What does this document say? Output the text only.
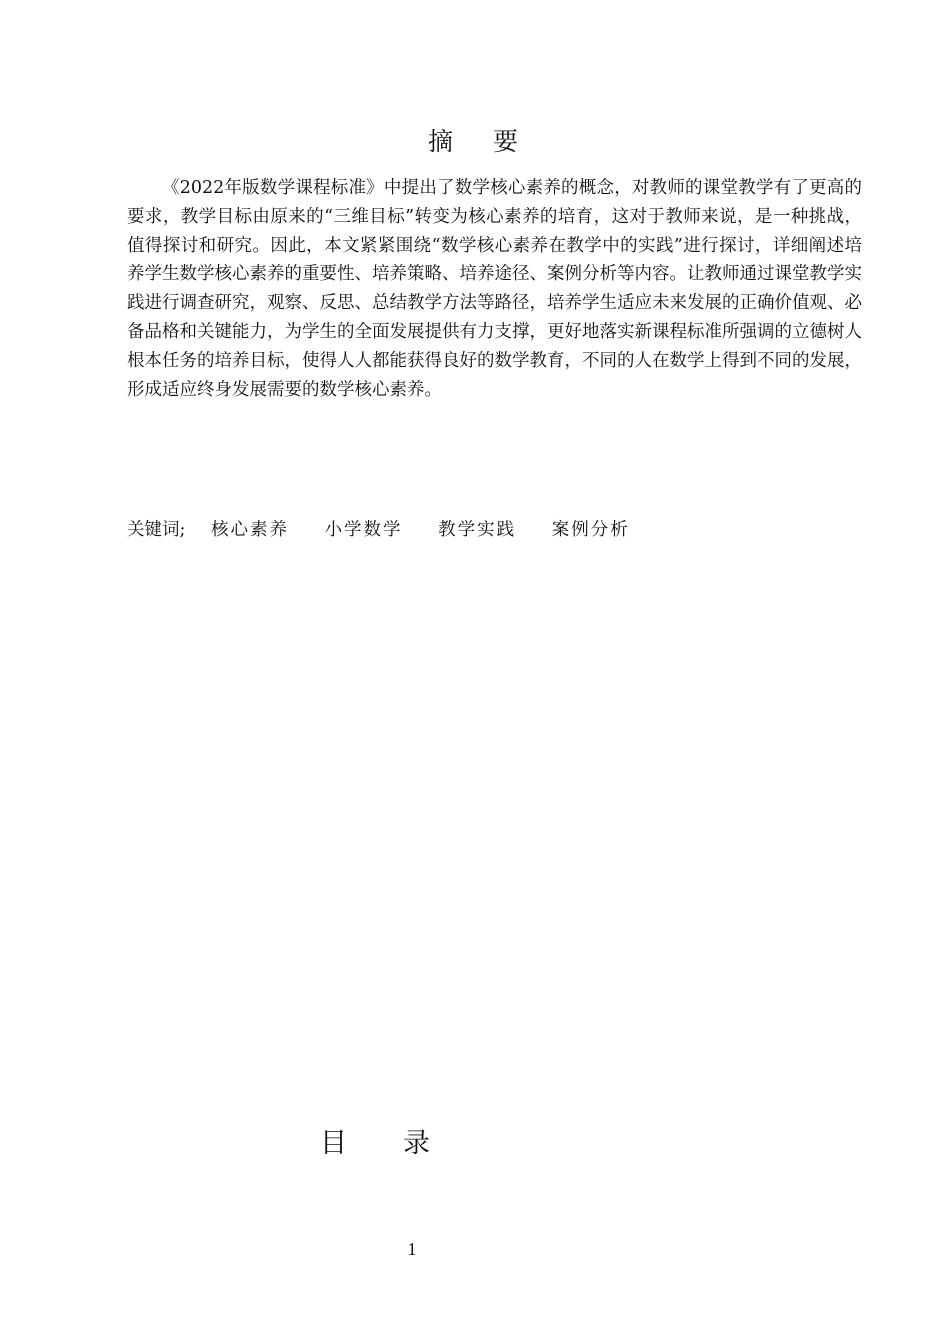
摘要

《2022年版数学课程标准》中提出了数学核心素养的概念，对教师的课堂教学有了更高的要求，教学目标由原来的“三维目标”转变为核心素养的培育，这对于教师来说，是一种挑战，值得探讨和研究。因此，本文紧紧围绕“数学核心素养在教学中的实践”进行探讨，详细阐述培养学生数学核心素养的重要性、培养策略、培养途径、案例分析等内容。让教师通过课堂教学实践进行调查研究，观察、反思、总结教学方法等路径，培养学生适应未来发展的正确价值观、必备品格和关键能力，为学生的全面发展提供有力支撑，更好地落实新课程标准所强调的立德树人根本任务的培养目标，使得人人都能获得良好的数学教育，不同的人在数学上得到不同的发展，形成适应终身发展需要的数学核心素养。

关键词; 核心素养 小学数学 教学实践 案例分析
目录
1
